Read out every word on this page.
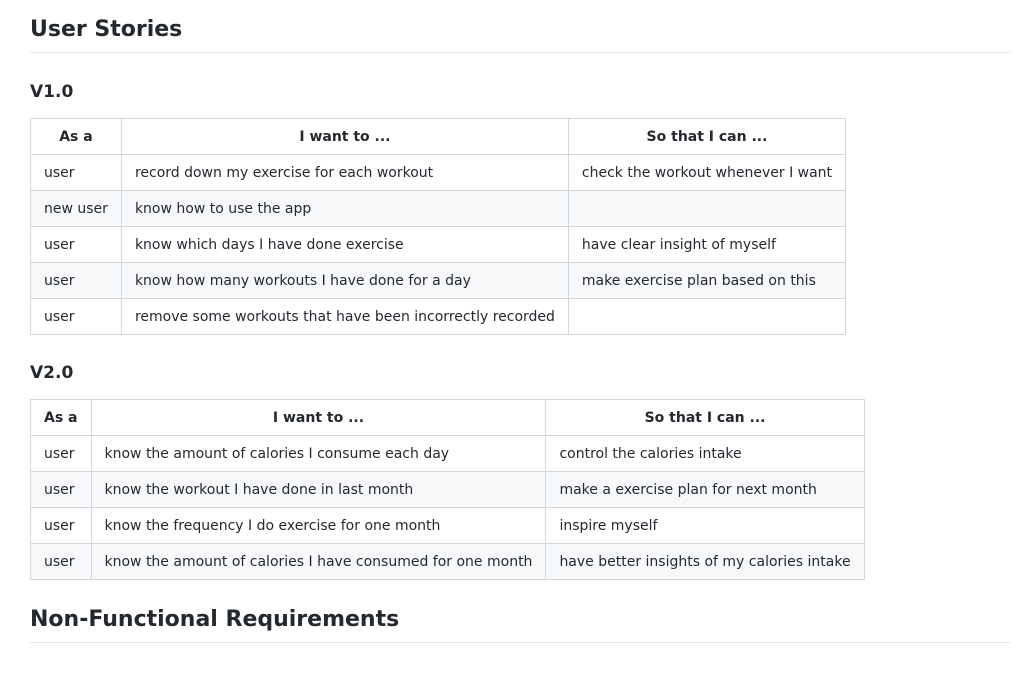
User Stories
V1.0
As a	I want to ...	So that I can ...
user	record down my exercise for each workout	check the workout whenever I want
new user	know how to use the app	
user	know which days I have done exercise	have clear insight of myself
user	know how many workouts I have done for a day	make exercise plan based on this
user	remove some workouts that have been incorrectly recorded	
V2.0
As a	I want to ...	So that I can ...
user	know the amount of calories I consume each day	control the calories intake
user	know the workout I have done in last month	make a exercise plan for next month
user	know the frequency I do exercise for one month	inspire myself
user	know the amount of calories I have consumed for one month	have better insights of my calories intake
Non-Functional Requirements
